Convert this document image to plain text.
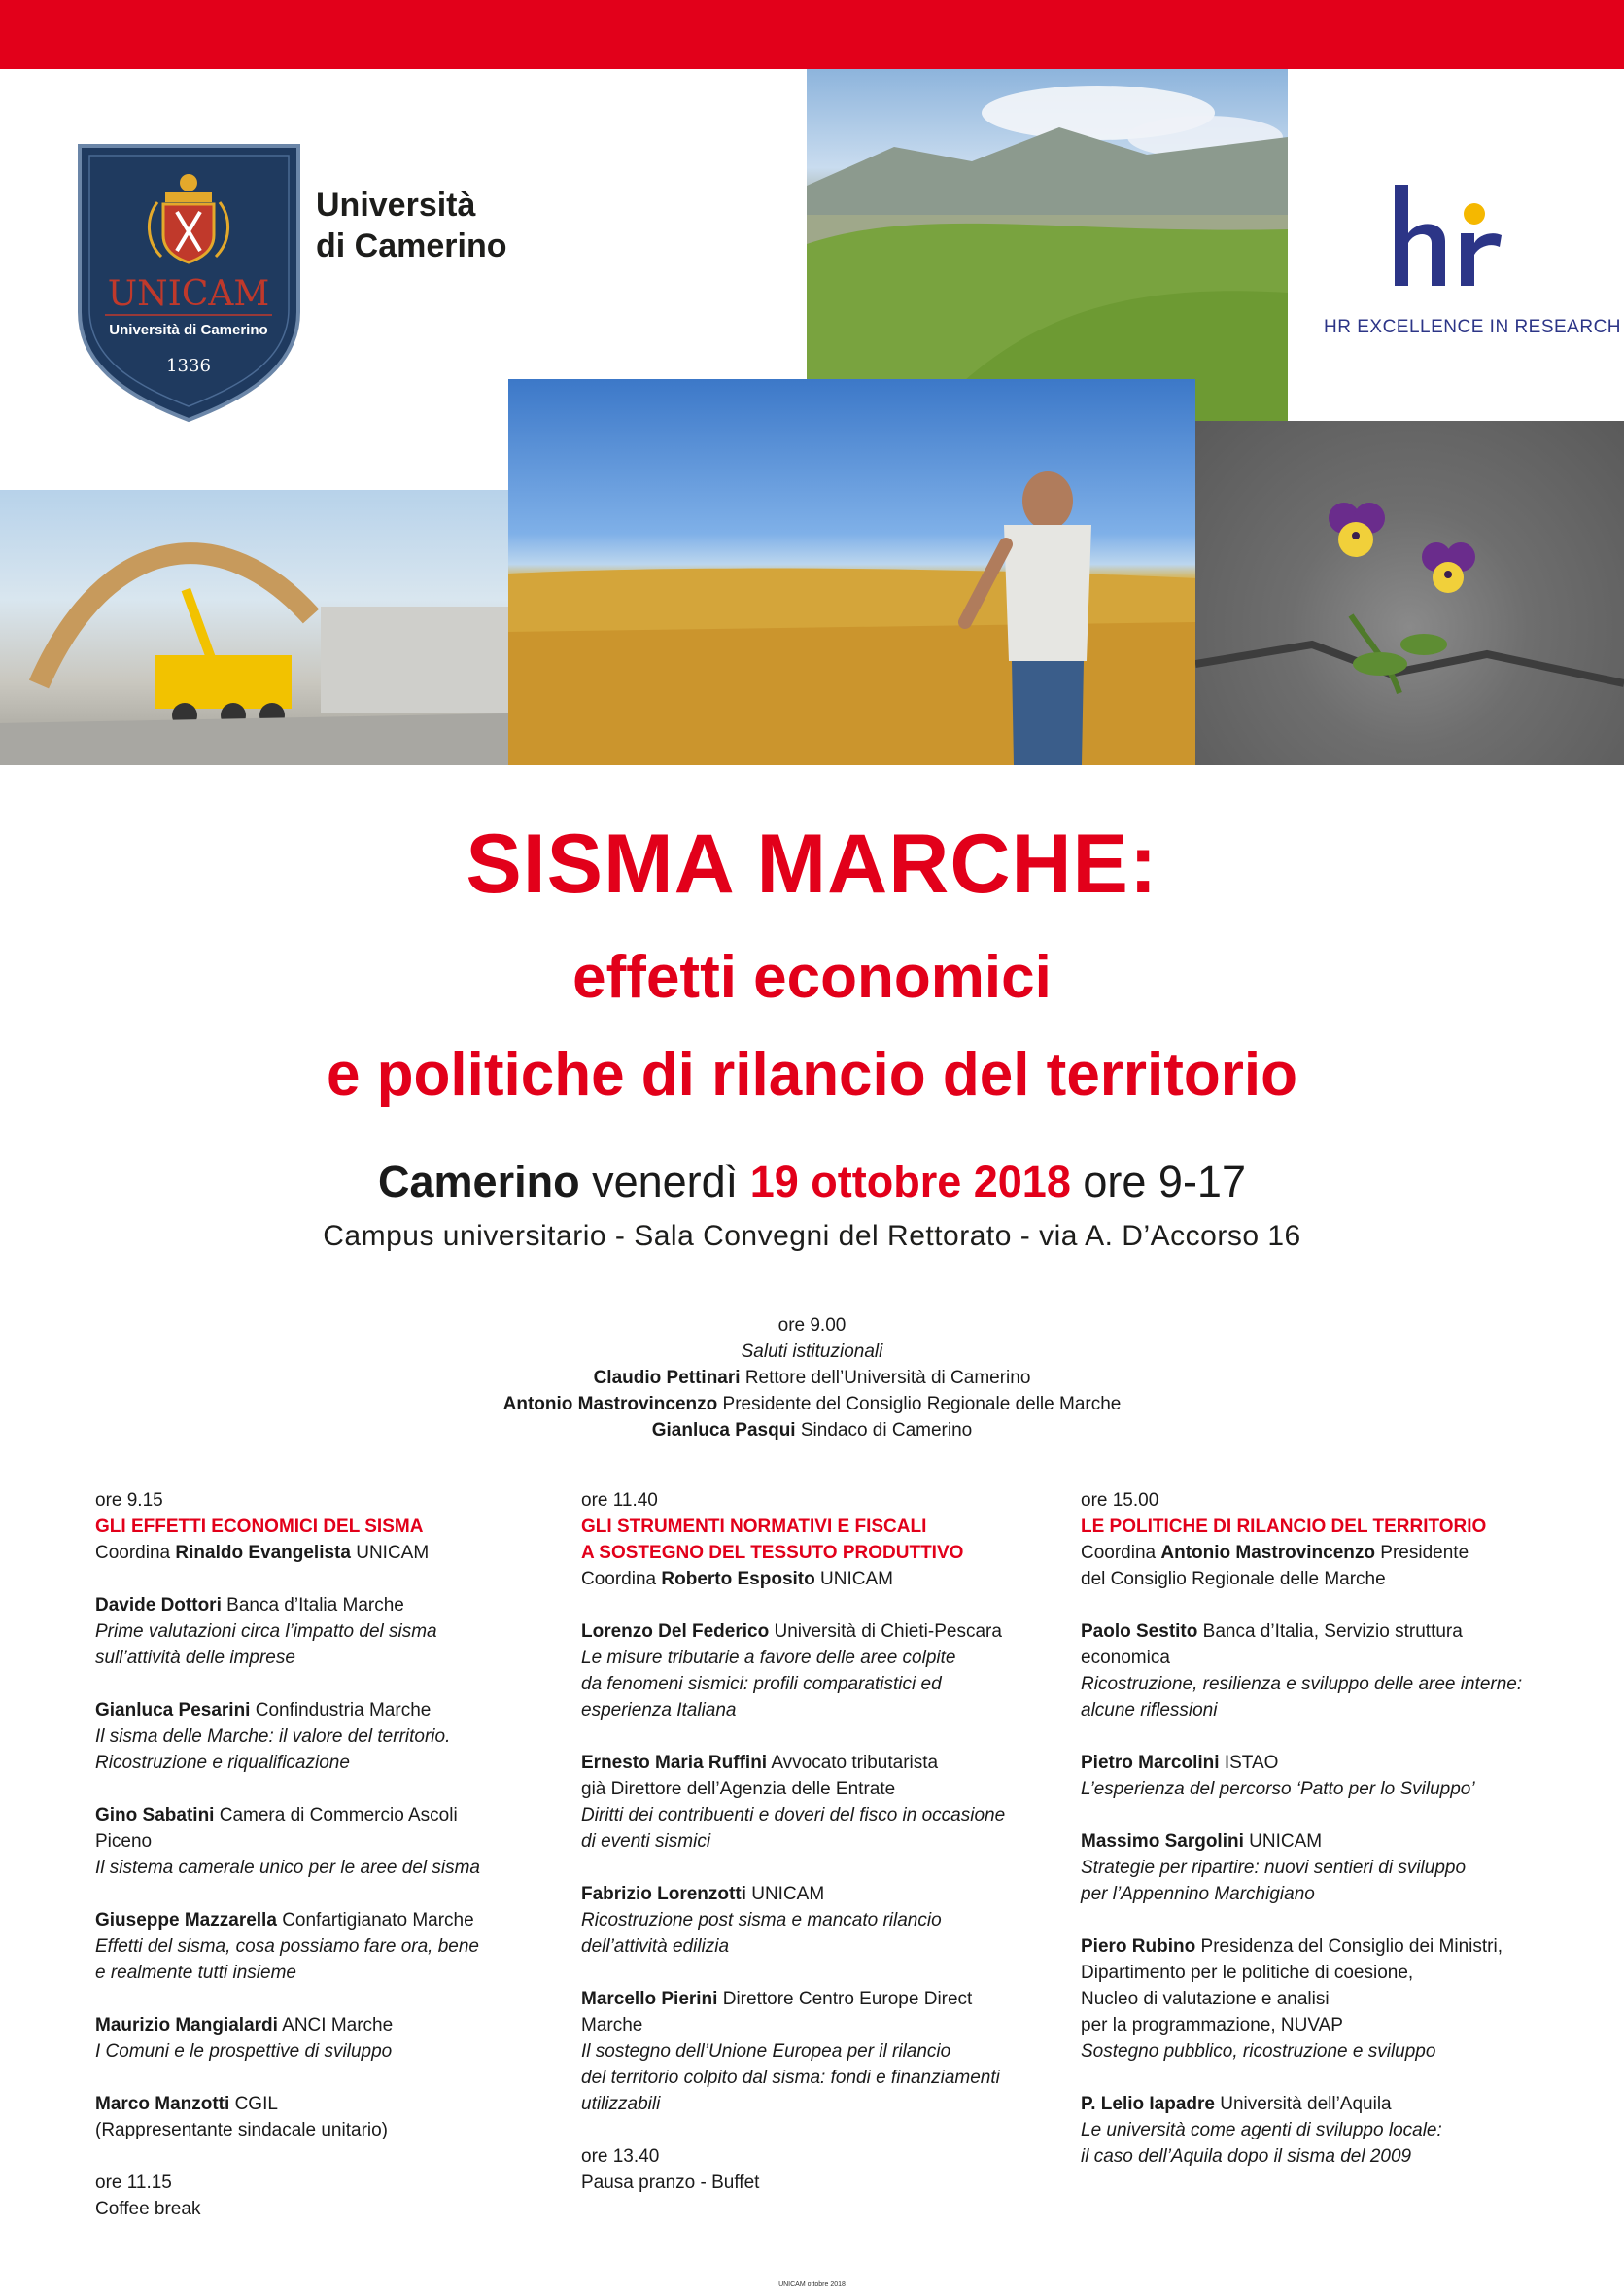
UNICAM
Università di Camerino
1336
Università
di Camerino
hr
HR EXCELLENCE IN RESEARCH
SISMA MARCHE:
effetti economici
e politiche di rilancio del territorio
Camerino venerdì 19 ottobre 2018 ore 9-17
Campus universitario - Sala Convegni del Rettorato - via A. D’Accorso 16
ore 9.00
Saluti istituzionali
Claudio Pettinari Rettore dell’Università di Camerino
Antonio Mastrovincenzo Presidente del Consiglio Regionale delle Marche
Gianluca Pasqui Sindaco di Camerino

ore 9.15

GLI EFFETTI ECONOMICI DEL SISMA

Coordina Rinaldo Evangelista UNICAM

Davide Dottori Banca d’Italia Marche

Prime valutazioni circa l’impatto del sisma

sull’attività delle imprese

Gianluca Pesarini Confindustria Marche

Il sisma delle Marche: il valore del territorio.

Ricostruzione e riqualificazione

Gino Sabatini Camera di Commercio Ascoli

Piceno

Il sistema camerale unico per le aree del sisma

Giuseppe Mazzarella Confartigianato Marche

Effetti del sisma, cosa possiamo fare ora, bene

e realmente tutti insieme

Maurizio Mangialardi ANCI Marche

I Comuni e le prospettive di sviluppo

Marco Manzotti CGIL

(Rappresentante sindacale unitario)

ore 11.15

Coffee break

ore 11.40

GLI STRUMENTI NORMATIVI E FISCALI

A SOSTEGNO DEL TESSUTO PRODUTTIVO

Coordina Roberto Esposito UNICAM

Lorenzo Del Federico Università di Chieti-Pescara

Le misure tributarie a favore delle aree colpite

da fenomeni sismici: profili comparatistici ed

esperienza Italiana

Ernesto Maria Ruffini Avvocato tributarista

già Direttore dell’Agenzia delle Entrate

Diritti dei contribuenti e doveri del fisco in occasione

di eventi sismici

Fabrizio Lorenzotti UNICAM

Ricostruzione post sisma e mancato rilancio

dell’attività edilizia

Marcello Pierini Direttore Centro Europe Direct

Marche

Il sostegno dell’Unione Europea per il rilancio

del territorio colpito dal sisma: fondi e finanziamenti

utilizzabili

ore 13.40

Pausa pranzo - Buffet

ore 15.00

LE POLITICHE DI RILANCIO DEL TERRITORIO

Coordina Antonio Mastrovincenzo Presidente

del Consiglio Regionale delle Marche

Paolo Sestito Banca d’Italia, Servizio struttura

economica

Ricostruzione, resilienza e sviluppo delle aree interne:

alcune riflessioni

Pietro Marcolini ISTAO

L’esperienza del percorso ‘Patto per lo Sviluppo’

Massimo Sargolini UNICAM

Strategie per ripartire: nuovi sentieri di sviluppo

per l’Appennino Marchigiano

Piero Rubino Presidenza del Consiglio dei Ministri,

Dipartimento per le politiche di coesione,

Nucleo di valutazione e analisi

per la programmazione, NUVAP

Sostegno pubblico, ricostruzione e sviluppo

P. Lelio Iapadre Università dell’Aquila

Le università come agenti di sviluppo locale:

il caso dell’Aquila dopo il sisma del 2009

UNICAM ottobre 2018
